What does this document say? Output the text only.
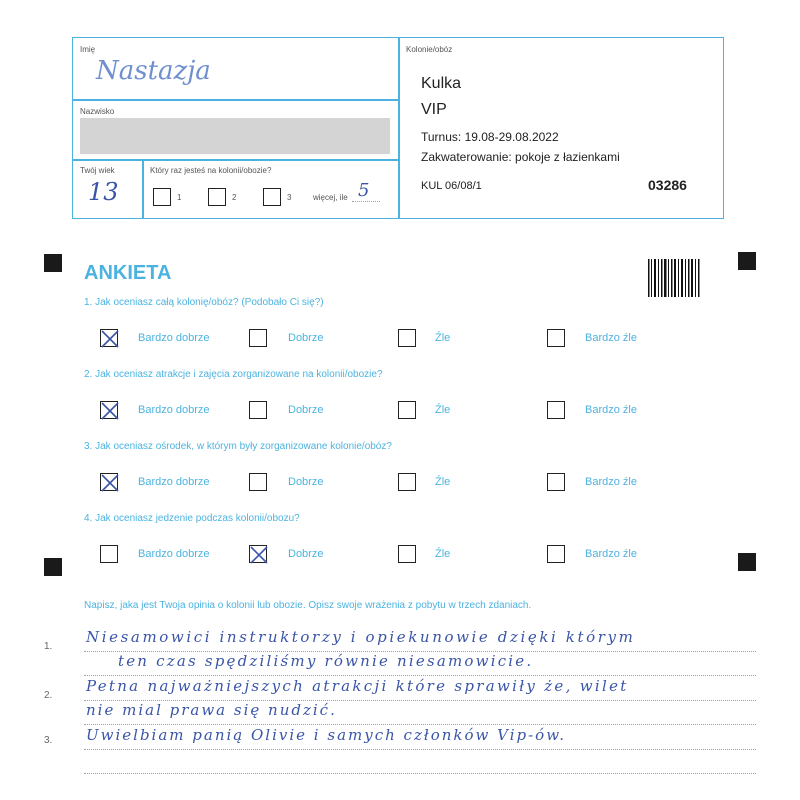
Imię
Nastazja
Nazwisko
Twój wiek
13
Który raz jesteś na kolonii/obozie?
1	2	3	więcej, ile 5
Kolonie/obóz
Kulka
VIP
Turnus: 19.08-29.08.2022
Zakwaterowanie: pokoje z łazienkami
KUL 06/08/1	03286
ANKIETA
1. Jak oceniasz całą kolonię/obóz? (Podobało Ci się?)
Bardzo dobrze	Dobrze	Źle	Bardzo źle
2. Jak oceniasz atrakcje i zajęcia zorganizowane na kolonii/obozie?
Bardzo dobrze	Dobrze	Źle	Bardzo źle
3. Jak oceniasz ośrodek, w którym były zorganizowane kolonie/obóz?
Bardzo dobrze	Dobrze	Źle	Bardzo źle
4. Jak oceniasz jedzenie podczas kolonii/obozu?
Bardzo dobrze	Dobrze	Źle	Bardzo źle
Napisz, jaka jest Twoja opinia o kolonii lub obozie. Opisz swoje wrażenia z pobytu w trzech zdaniach.
1.
2.
3.
Niesamowici instruktorzy i opiekunowie dzięki którym
ten czas spędziliśmy równie niesamowicie.
Petna najważniejszych atrakcji które sprawiły że, wilet
nie mial prawa się nudzić.
Uwielbiam panią Olivie i samych członków Vip-ów.
